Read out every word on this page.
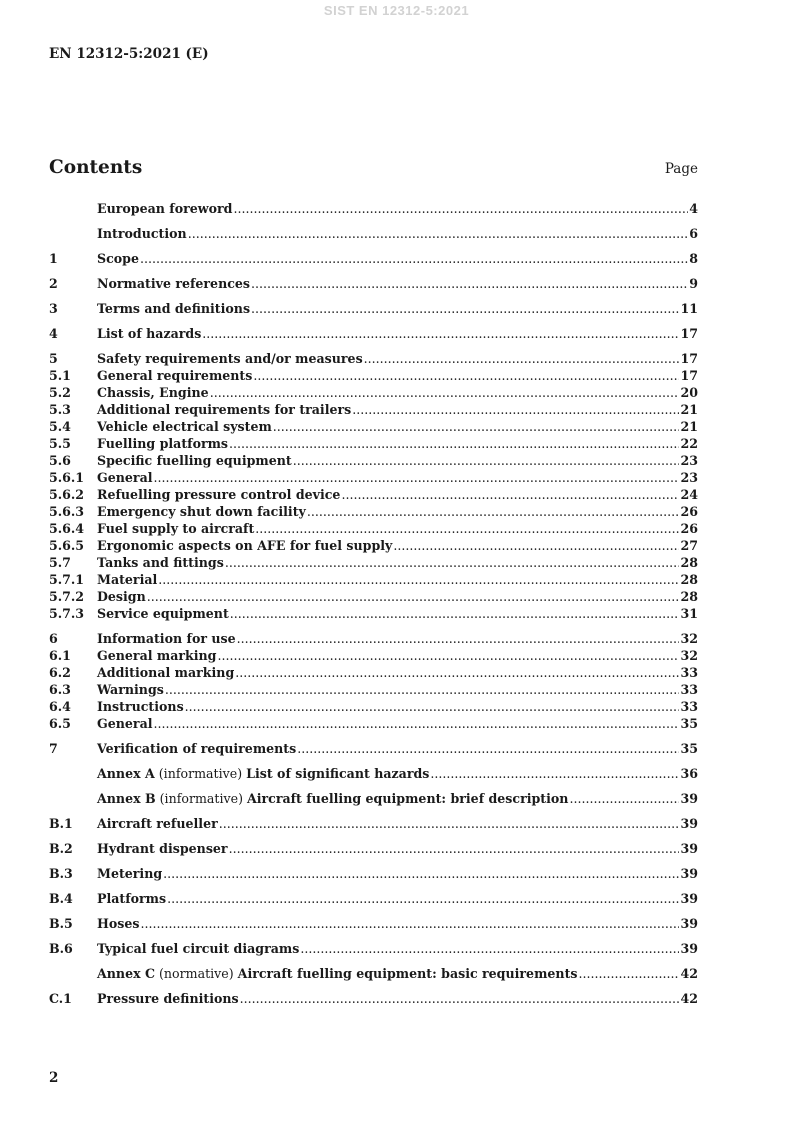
SIST EN 12312-5:2021
EN 12312-5:2021 (E)
Contents	Page
European foreword .....	4
Introduction .....	6
1	Scope .....	8
2	Normative references .....	9
3	Terms and definitions .....	11
4	List of hazards .....	17
5	Safety requirements and/or measures .....	17
5.1	General requirements .....	17
5.2	Chassis, Engine .....	20
5.3	Additional requirements for trailers .....	21
5.4	Vehicle electrical system .....	21
5.5	Fuelling platforms .....	22
5.6	Specific fuelling equipment .....	23
5.6.1	General .....	23
5.6.2	Refuelling pressure control device .....	24
5.6.3	Emergency shut down facility .....	26
5.6.4	Fuel supply to aircraft .....	26
5.6.5	Ergonomic aspects on AFE for fuel supply .....	27
5.7	Tanks and fittings .....	28
5.7.1	Material .....	28
5.7.2	Design .....	28
5.7.3	Service equipment .....	31
6	Information for use .....	32
6.1	General marking .....	32
6.2	Additional marking .....	33
6.3	Warnings .....	33
6.4	Instructions .....	33
6.5	General .....	35
7	Verification of requirements .....	35
Annex A (informative) List of significant hazards .....	36
Annex B (informative) Aircraft fuelling equipment: brief description .....	39
B.1	Aircraft refueller .....	39
B.2	Hydrant dispenser .....	39
B.3	Metering .....	39
B.4	Platforms .....	39
B.5	Hoses .....	39
B.6	Typical fuel circuit diagrams .....	39
Annex C (normative) Aircraft fuelling equipment: basic requirements .....	42
C.1	Pressure definitions .....	42
2
